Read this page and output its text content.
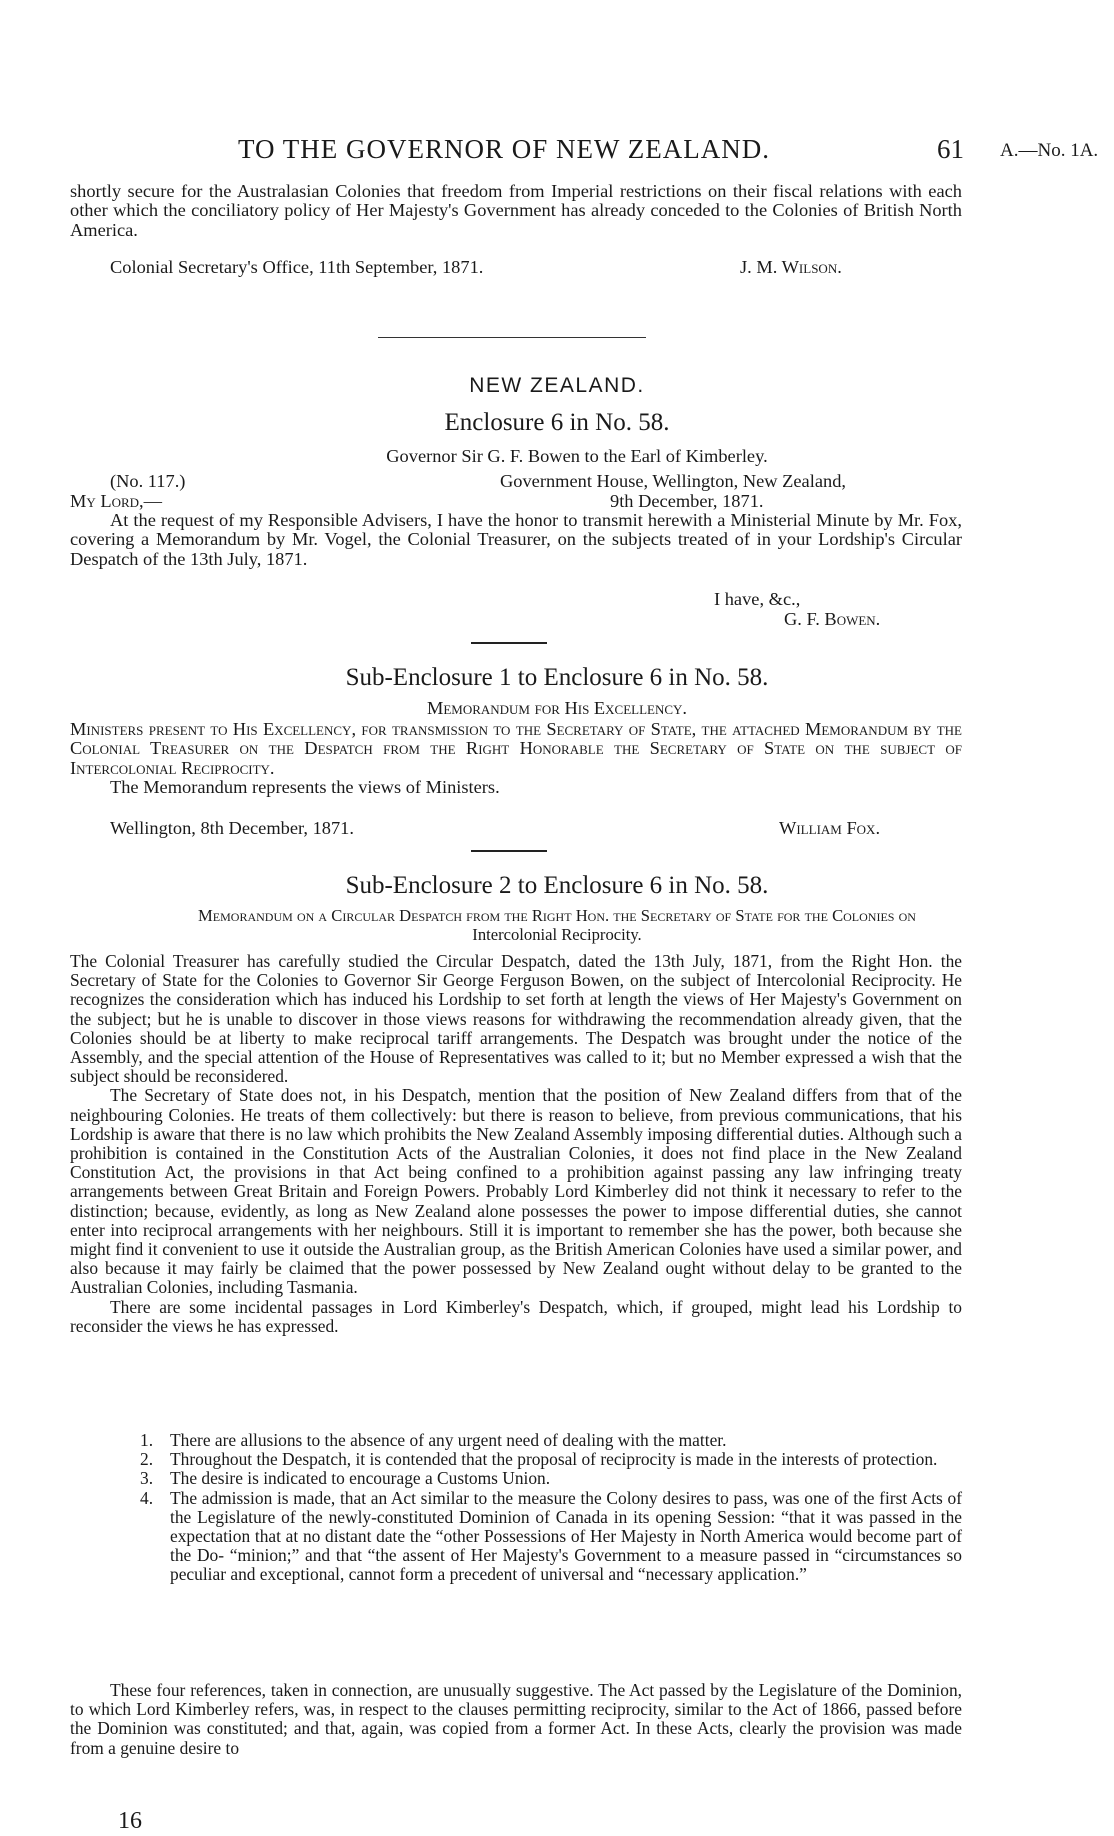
TO THE GOVERNOR OF NEW ZEALAND.	61 A.—No. 1A.

shortly secure for the Australasian Colonies that freedom from Imperial restrictions on their fiscal relations with each other which the conciliatory policy of Her Majesty's Government has already conceded to the Colonies of British North America.

Colonial Secretary's Office, 11th September, 1871.	J. M. Wilson.
NEW ZEALAND.
Enclosure 6 in No. 58.
Governor Sir G. F. Bowen to the Earl of Kimberley.
(No. 117.)	Government House, Wellington, New Zealand,
My Lord,—	9th December, 1871.

At the request of my Responsible Advisers, I have the honor to transmit herewith a Ministerial Minute by Mr. Fox, covering a Memorandum by Mr. Vogel, the Colonial Treasurer, on the subjects treated of in your Lordship's Circular Despatch of the 13th July, 1871.

I have, &c.,
G. F. Bowen.
Sub-Enclosure 1 to Enclosure 6 in No. 58.
Memorandum for His Excellency.

Ministers present to His Excellency, for transmission to the Secretary of State, the attached Memorandum by the Colonial Treasurer on the Despatch from the Right Honorable the Secretary of State on the subject of Intercolonial Reciprocity.

The Memorandum represents the views of Ministers.

Wellington, 8th December, 1871.	William Fox.
Sub-Enclosure 2 to Enclosure 6 in No. 58.
Memorandum on a Circular Despatch from the Right Hon. the Secretary of State for the Colonies on
Intercolonial Reciprocity.

The Colonial Treasurer has carefully studied the Circular Despatch, dated the 13th July, 1871, from the Right Hon. the Secretary of State for the Colonies to Governor Sir George Ferguson Bowen, on the subject of Intercolonial Reciprocity. He recognizes the consideration which has induced his Lordship to set forth at length the views of Her Majesty's Government on the subject; but he is unable to discover in those views reasons for withdrawing the recommendation already given, that the Colonies should be at liberty to make reciprocal tariff arrangements. The Despatch was brought under the notice of the Assembly, and the special attention of the House of Representatives was called to it; but no Member expressed a wish that the subject should be reconsidered.

The Secretary of State does not, in his Despatch, mention that the position of New Zealand differs from that of the neighbouring Colonies. He treats of them collectively: but there is reason to believe, from previous communications, that his Lordship is aware that there is no law which prohibits the New Zealand Assembly imposing differential duties. Although such a prohibition is contained in the Constitution Acts of the Australian Colonies, it does not find place in the New Zealand Constitution Act, the provisions in that Act being confined to a prohibition against passing any law infringing treaty arrangements between Great Britain and Foreign Powers. Probably Lord Kimberley did not think it necessary to refer to the distinction; because, evidently, as long as New Zealand alone possesses the power to impose differential duties, she cannot enter into reciprocal arrangements with her neighbours. Still it is important to remember she has the power, both because she might find it convenient to use it outside the Australian group, as the British American Colonies have used a similar power, and also because it may fairly be claimed that the power possessed by New Zealand ought without delay to be granted to the Australian Colonies, including Tasmania.

There are some incidental passages in Lord Kimberley's Despatch, which, if grouped, might lead his Lordship to reconsider the views he has expressed.

1. There are allusions to the absence of any urgent need of dealing with the matter.
2. Throughout the Despatch, it is contended that the proposal of reciprocity is made in the interests of protection.
3. The desire is indicated to encourage a Customs Union.
4. The admission is made, that an Act similar to the measure the Colony desires to pass, was one of the first Acts of the Legislature of the newly-constituted Dominion of Canada in its opening Session: “that it was passed in the expectation that at no distant date the “other Possessions of Her Majesty in North America would become part of the Do- “minion;” and that “the assent of Her Majesty's Government to a measure passed in “circumstances so peculiar and exceptional, cannot form a precedent of universal and “necessary application.”

These four references, taken in connection, are unusually suggestive. The Act passed by the Legislature of the Dominion, to which Lord Kimberley refers, was, in respect to the clauses permitting reciprocity, similar to the Act of 1866, passed before the Dominion was constituted; and that, again, was copied from a former Act. In these Acts, clearly the provision was made from a genuine desire to

16
